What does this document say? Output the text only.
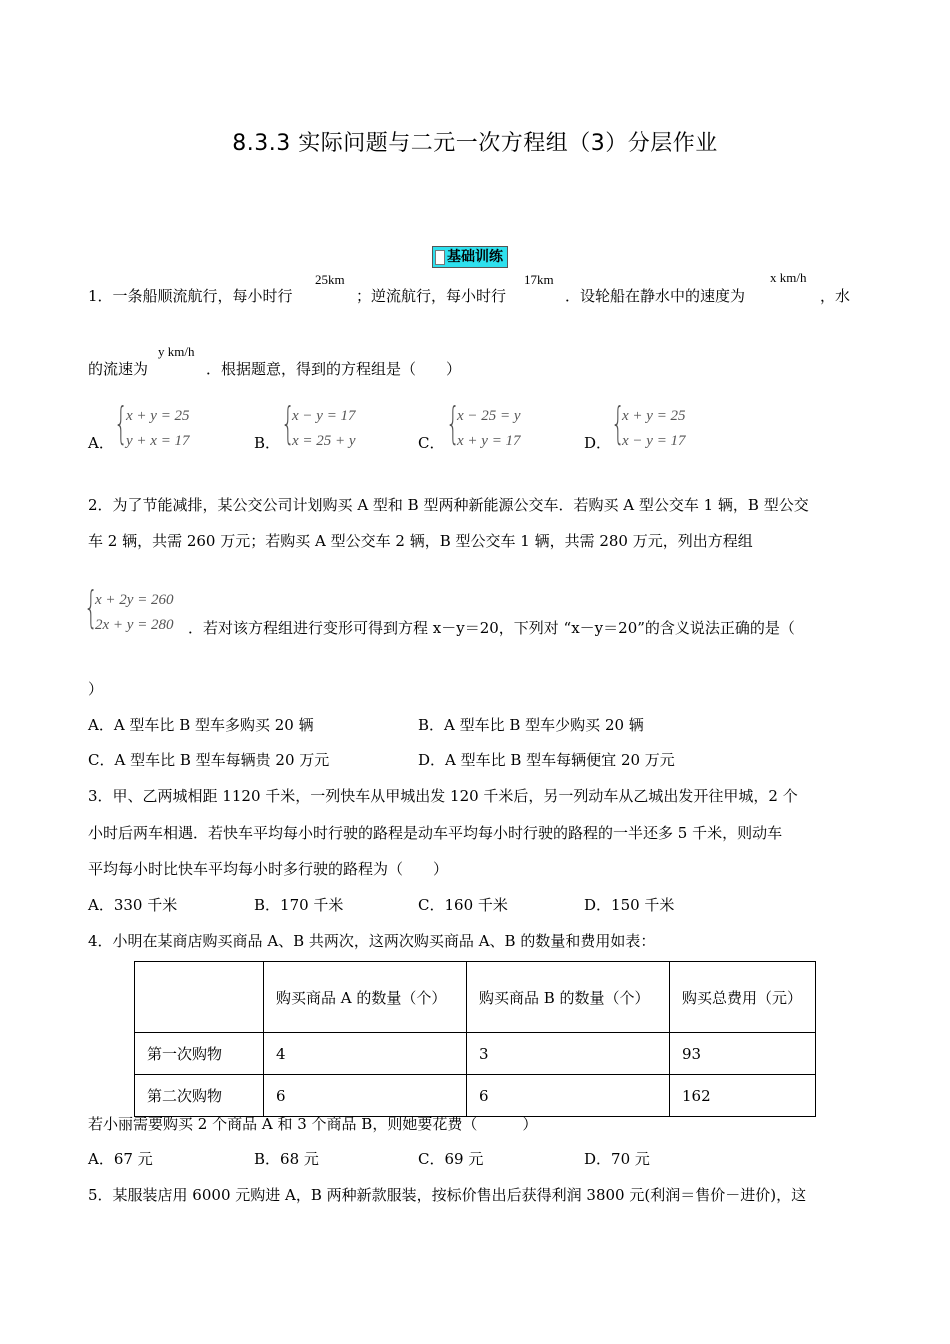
8.3.3 实际问题与二元一次方程组（3）分层作业
基础训练
1．一条船顺流航行，每小时行
25km
；逆流航行，每小时行
17km
．设轮船在静水中的速度为
x km/h
，水
的流速为
y km/h
．根据题意，得到的方程组是（　　）
A． {
x + y = 25
y + x = 17	B． {
x − y = 17
x = 25 + y	C． {
x − 25 = y
x + y = 17	D． {
x + y = 25
x − y = 17
2．为了节能减排，某公交公司计划购买 A 型和 B 型两种新能源公交车．若购买 A 型公交车 1 辆，B 型公交
车 2 辆，共需 260 万元；若购买 A 型公交车 2 辆，B 型公交车 1 辆，共需 280 万元，列出方程组
{
x + 2y = 260
2x + y = 280 ．若对该方程组进行变形可得到方程 x－y＝20，下列对 “x－y＝20”的含义说法正确的是（
）
A．A 型车比 B 型车多购买 20 辆	B．A 型车比 B 型车少购买 20 辆
C．A 型车比 B 型车每辆贵 20 万元	D．A 型车比 B 型车每辆便宜 20 万元
3．甲、乙两城相距 1120 千米，一列快车从甲城出发 120 千米后，另一列动车从乙城出发开往甲城，2 个
小时后两车相遇．若快车平均每小时行驶的路程是动车平均每小时行驶的路程的一半还多 5 千米，则动车
平均每小时比快车平均每小时多行驶的路程为（　　）
A．330 千米	B．170 千米	C．160 千米	D．150 千米
4．小明在某商店购买商品 A、B 共两次，这两次购买商品 A、B 的数量和费用如表：
	购买商品 A 的数量（个）	购买商品 B 的数量（个）	购买总费用（元）
第一次购物	4	3	93
第二次购物	6	6	162
若小丽需要购买 2 个商品 A 和 3 个商品 B，则她要花费（　　　）
A．67 元	B．68 元	C．69 元	D．70 元
5．某服装店用 6000 元购进 A，B 两种新款服装，按标价售出后获得利润 3800 元(利润＝售价－进价)，这
